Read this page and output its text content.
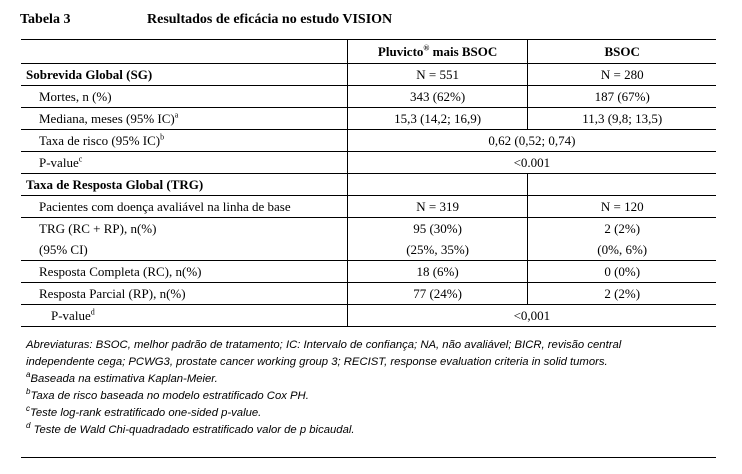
Tabela 3	Resultados de eficácia no estudo VISION
	Pluvicto® mais BSOC	BSOC
Sobrevida Global (SG)	N = 551	N = 280
Mortes, n (%)	343 (62%)	187 (67%)
Mediana, meses (95% IC)$^a$	15,3 (14,2; 16,9)	11,3 (9,8; 13,5)
Taxa de risco (95% IC)$^b$	0,62 (0,52; 0,74)	
P-value$^c$	<0.001	
Taxa de Resposta Global (TRG)		
Pacientes com doença avaliável na linha de base	N = 319	N = 120
TRG (RC + RP), n(%)	95 (30%)	2 (2%)
(95% CI)	(25%, 35%)	(0%, 6%)
Resposta Completa (RC), n(%)	18 (6%)	0 (0%)
Resposta Parcial (RP), n(%)	77 (24%)	2 (2%)
P-value$^d$	<0,001	
Abreviaturas: BSOC, melhor padrão de tratamento; IC: Intervalo de confiança; NA, não avaliável; BICR, revisão central
independente cega; PCWG3, prostate cancer working group 3; RECIST, response evaluation criteria in solid tumors.
$^a$Baseada na estimativa Kaplan-Meier.
$^b$Taxa de risco baseada no modelo estratificado Cox PH.
$^c$Teste log-rank estratificado one-sided p-value.
$^d$ Teste de Wald Chi-quadradado estratificado valor de p bicaudal.
